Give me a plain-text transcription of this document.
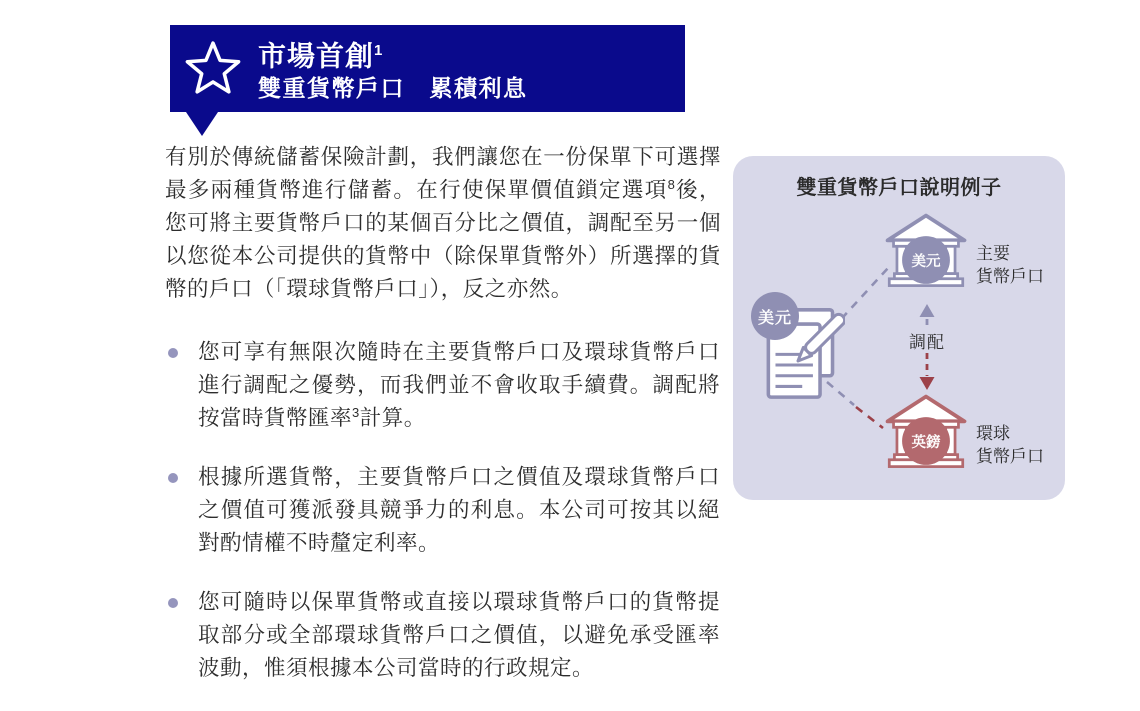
市場首創$^1$
雙重貨幣戶口　累積利息

有別於傳統儲蓄保險計劃，我們讓您在一份保單下可選擇最多兩種貨幣進行儲蓄。在行使保單價值鎖定選項$^8$後，您可將主要貨幣戶口的某個百分比之價值，調配至另一個以您從本公司提供的貨幣中（除保單貨幣外）所選擇的貨幣的戶口（「環球貨幣戶口」），反之亦然。

您可享有無限次隨時在主要貨幣戶口及環球貨幣戶口進行調配之優勢，而我們並不會收取手續費。調配將按當時貨幣匯率$^3$計算。

根據所選貨幣，主要貨幣戶口之價值及環球貨幣戶口之價值可獲派發具競爭力的利息。本公司可按其以絕對酌情權不時釐定利率。

您可隨時以保單貨幣或直接以環球貨幣戶口的貨幣提取部分或全部環球貨幣戶口之價值，以避免承受匯率波動，惟須根據本公司當時的行政規定。

雙重貨幣戶口說明例子
美元 主要
貨幣戶口
調配
英鎊 環球
貨幣戶口
美元
